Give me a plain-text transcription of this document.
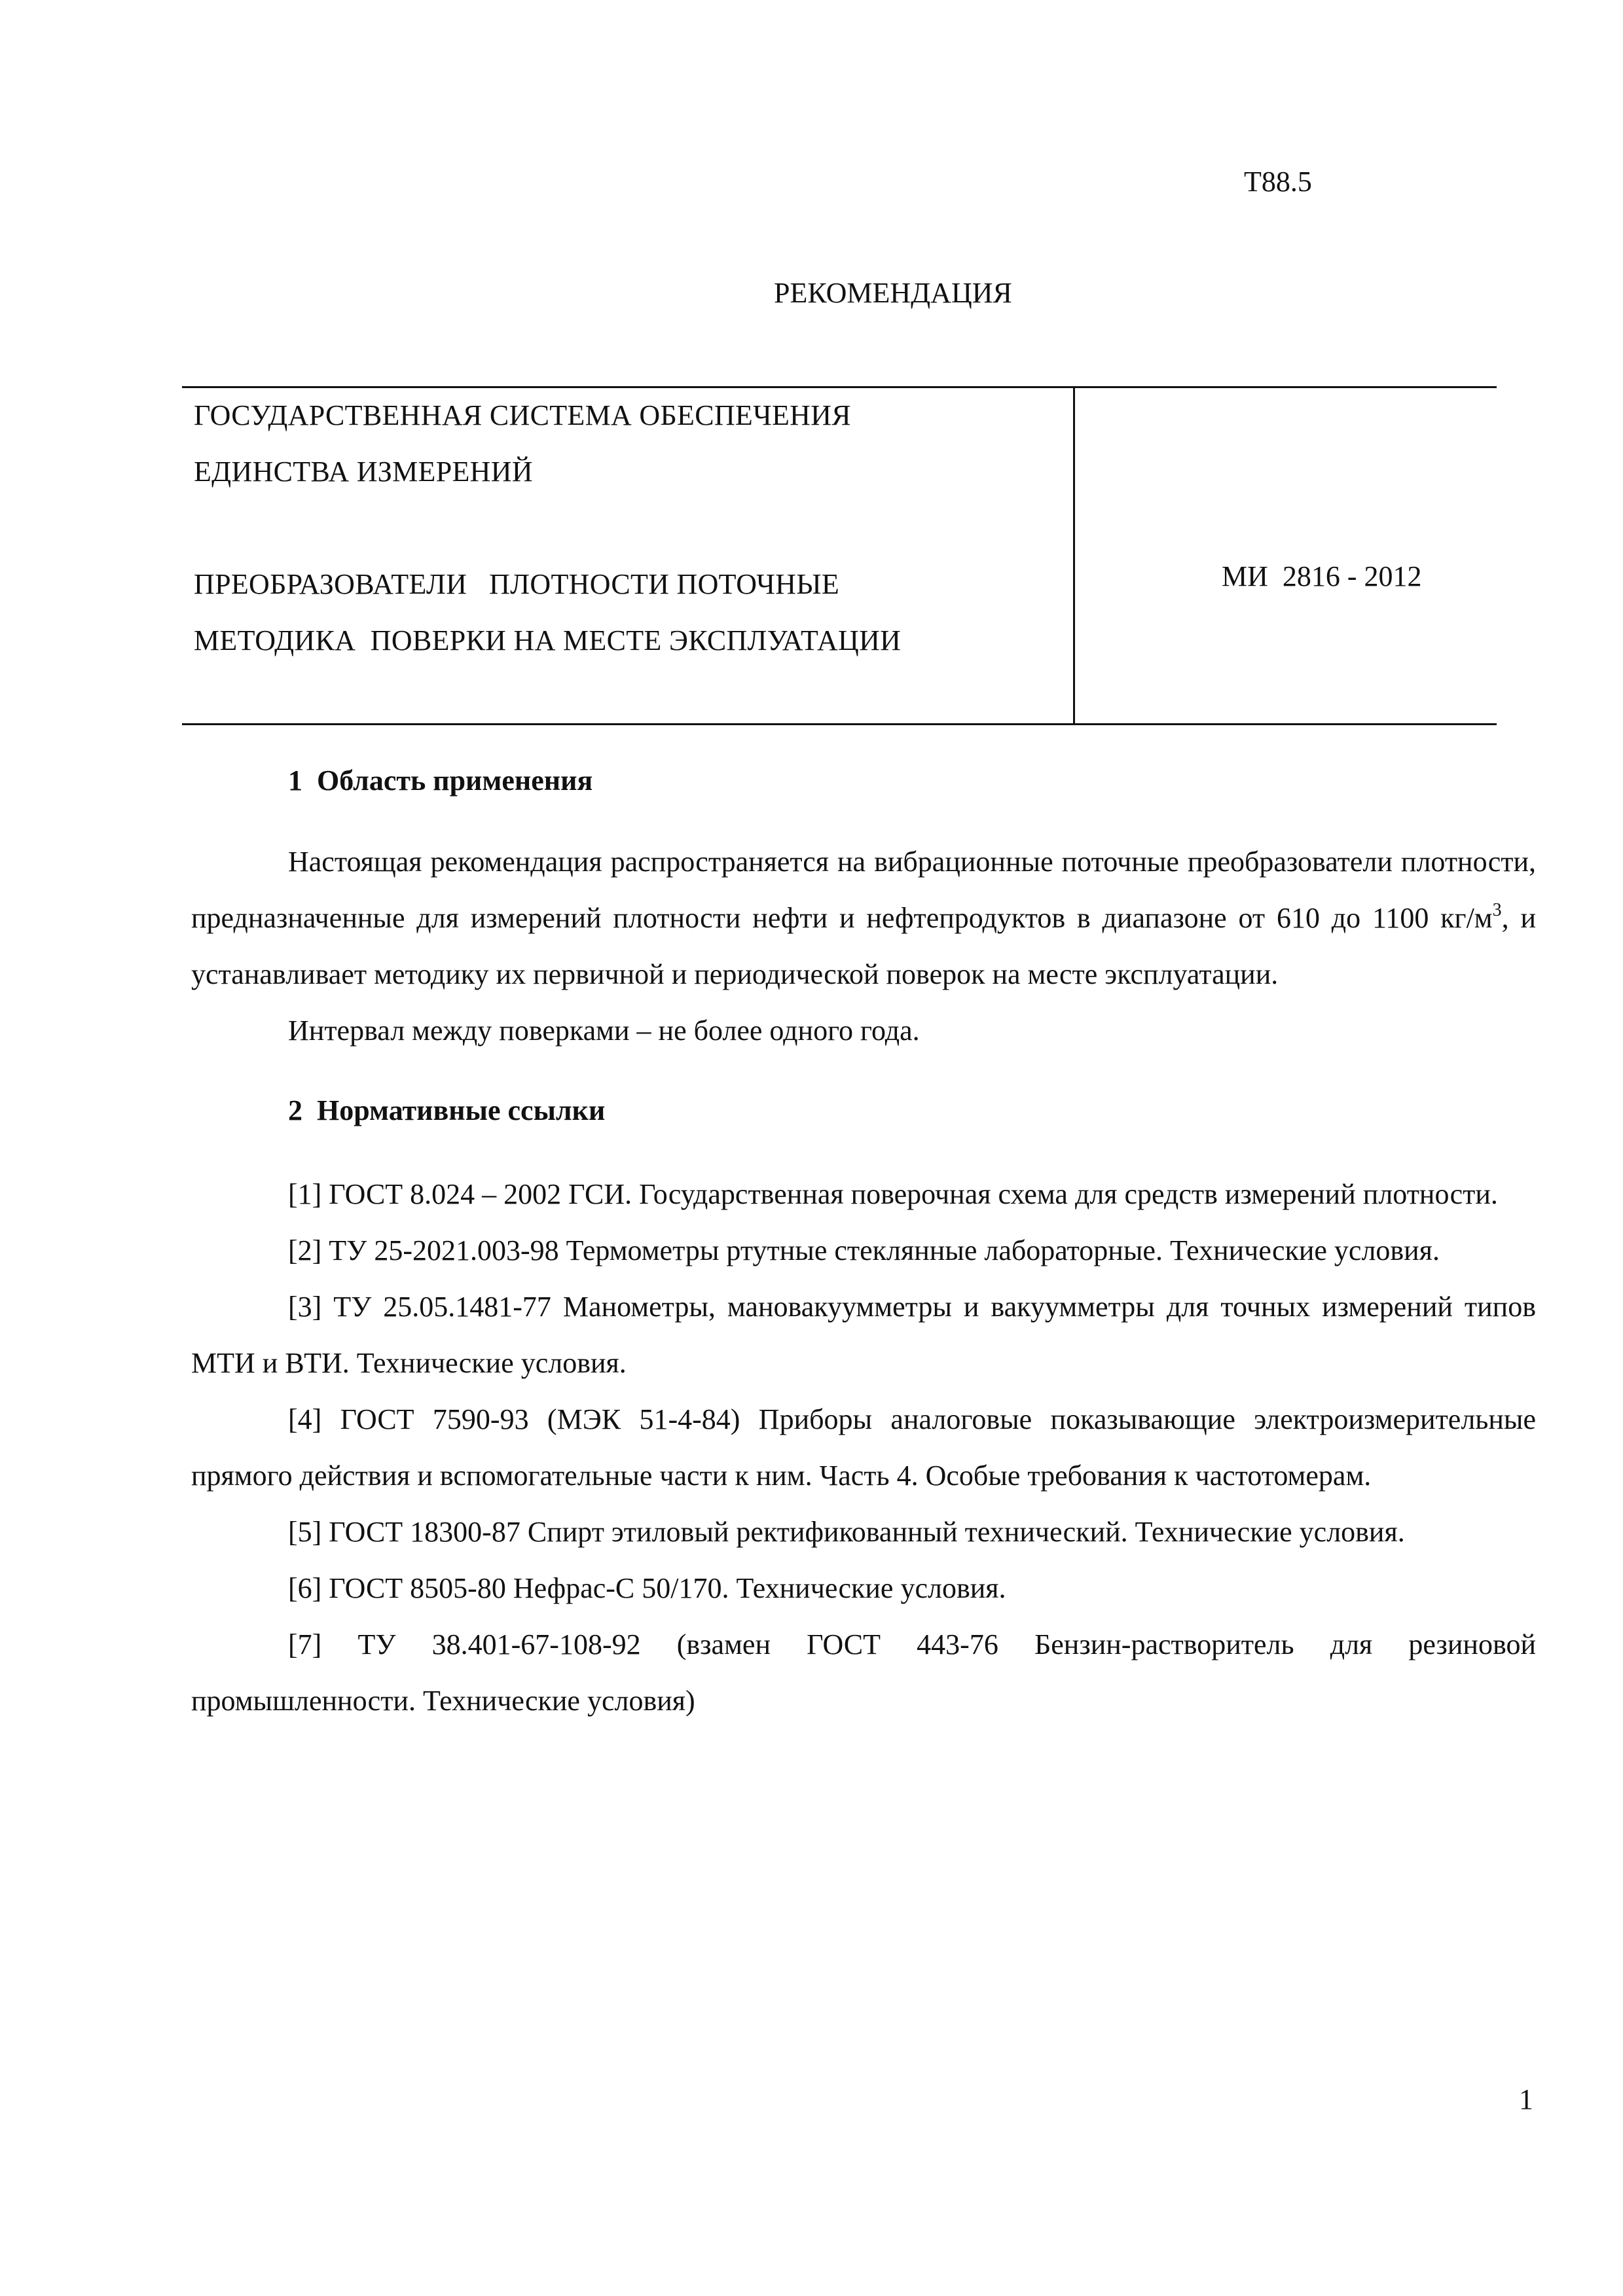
Т88.5
РЕКОМЕНДАЦИЯ
ГОСУДАРСТВЕННАЯ СИСТЕМА ОБЕСПЕЧЕНИЯ
ЕДИНСТВА ИЗМЕРЕНИЙ
ПРЕОБРАЗОВАТЕЛИ   ПЛОТНОСТИ ПОТОЧНЫЕ
МЕТОДИКА  ПОВЕРКИ НА МЕСТЕ ЭКСПЛУАТАЦИИ
МИ  2816 - 2012

1  Область применения

Настоящая рекомендация распространяется на вибрационные поточные преобразователи плотности, предназначенные для измерений плотности нефти и нефтепродуктов в диапазоне от 610 до 1100 $кг/м^3$, и устанавливает методику их первичной и периодической поверок на месте эксплуатации.

Интервал между поверками – не более одного года.

2  Нормативные ссылки

[1] ГОСТ 8.024 – 2002 ГСИ. Государственная поверочная схема для средств измерений плотности.

[2] ТУ 25-2021.003-98 Термометры ртутные стеклянные лабораторные. Технические условия.

[3] ТУ 25.05.1481-77 Манометры, мановакуумметры и вакуумметры для точных измерений типов МТИ и ВТИ. Технические условия.

[4] ГОСТ 7590-93 (МЭК 51-4-84) Приборы аналоговые показывающие электроизмерительные прямого действия и вспомогательные части к ним. Часть 4. Особые требования к частотомерам.

[5] ГОСТ 18300-87 Спирт этиловый ректификованный технический. Технические условия.

[6] ГОСТ 8505-80 Нефрас-С 50/170. Технические условия.

[7] ТУ 38.401-67-108-92 (взамен ГОСТ 443-76 Бензин-растворитель для резиновой промышленности. Технические условия)

1
